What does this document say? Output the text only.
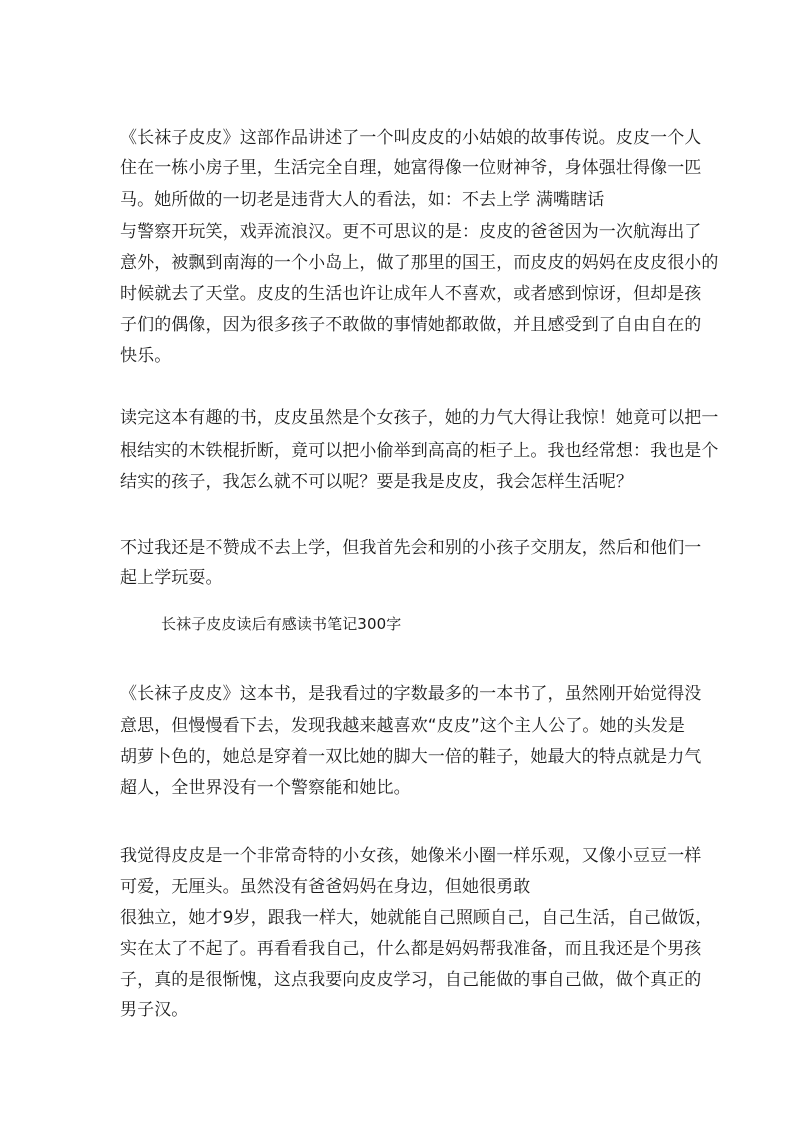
《长袜子皮皮》这部作品讲述了一个叫皮皮的小姑娘的故事传说。皮皮一个人
住在一栋小房子里，生活完全自理，她富得像一位财神爷，身体强壮得像一匹
马。她所做的一切老是违背大人的看法，如：不去上学 满嘴瞎话
与警察开玩笑，戏弄流浪汉。更不可思议的是：皮皮的爸爸因为一次航海出了
意外，被飘到南海的一个小岛上，做了那里的国王，而皮皮的妈妈在皮皮很小的
时候就去了天堂。皮皮的生活也许让成年人不喜欢，或者感到惊讶，但却是孩
子们的偶像，因为很多孩子不敢做的事情她都敢做，并且感受到了自由自在的
快乐。
读完这本有趣的书，皮皮虽然是个女孩子，她的力气大得让我惊！她竟可以把一
根结实的木铁棍折断，竟可以把小偷举到高高的柜子上。我也经常想：我也是个
结实的孩子，我怎么就不可以呢？要是我是皮皮，我会怎样生活呢？
不过我还是不赞成不去上学，但我首先会和别的小孩子交朋友，然后和他们一
起上学玩耍。
长袜子皮皮读后有感读书笔记300字
《长袜子皮皮》这本书，是我看过的字数最多的一本书了，虽然刚开始觉得没
意思，但慢慢看下去，发现我越来越喜欢“皮皮”这个主人公了。她的头发是
胡萝卜色的，她总是穿着一双比她的脚大一倍的鞋子，她最大的特点就是力气
超人，全世界没有一个警察能和她比。
我觉得皮皮是一个非常奇特的小女孩，她像米小圈一样乐观，又像小豆豆一样
可爱，无厘头。虽然没有爸爸妈妈在身边，但她很勇敢
很独立，她才9岁，跟我一样大，她就能自己照顾自己，自己生活，自己做饭，
实在太了不起了。再看看我自己，什么都是妈妈帮我准备，而且我还是个男孩
子，真的是很惭愧，这点我要向皮皮学习，自己能做的事自己做，做个真正的
男子汉。
